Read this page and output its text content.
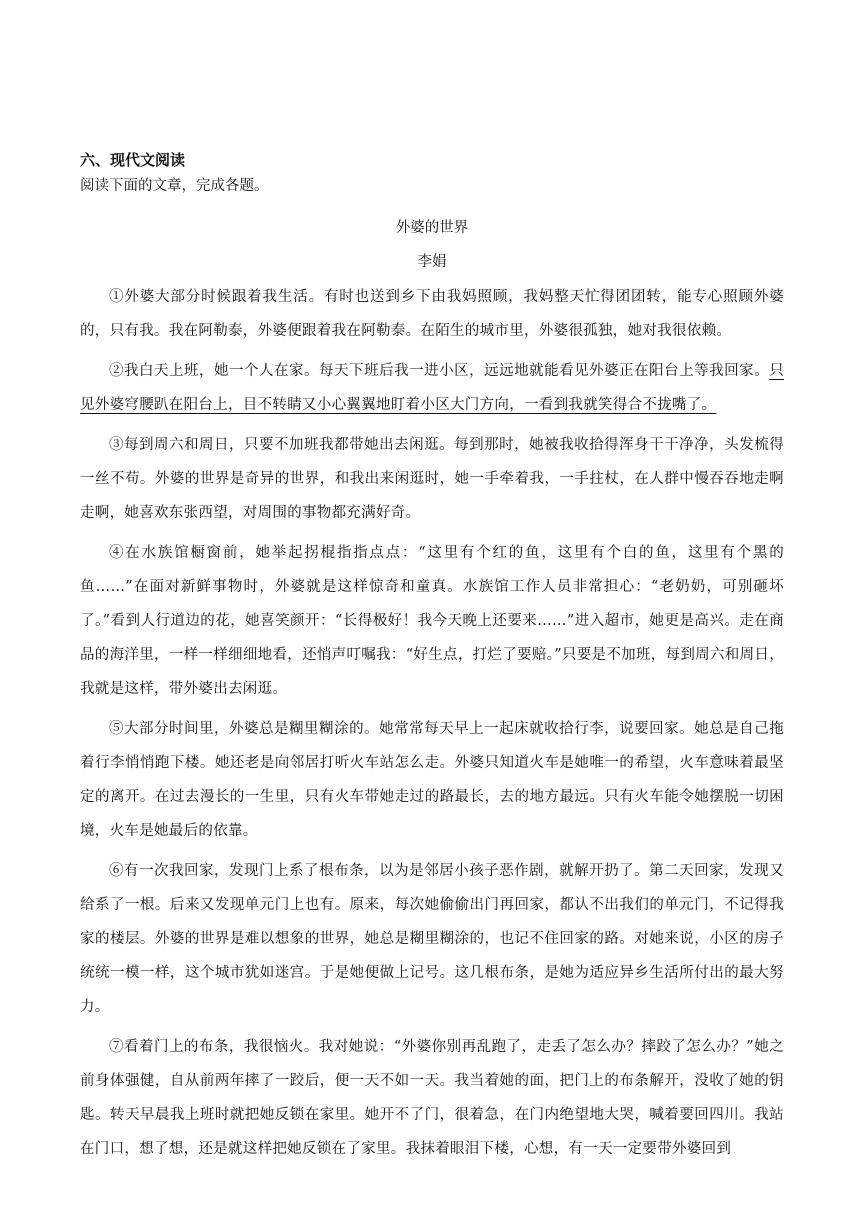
六、现代文阅读

阅读下面的文章，完成各题。

外婆的世界

李娟

①外婆大部分时候跟着我生活。有时也送到乡下由我妈照顾，我妈整天忙得团团转，能专心照顾外婆的，只有我。我在阿勒泰，外婆便跟着我在阿勒泰。在陌生的城市里，外婆很孤独，她对我很依赖。

②我白天上班，她一个人在家。每天下班后我一进小区，远远地就能看见外婆正在阳台上等我回家。只见外婆穹腰趴在阳台上，目不转睛又小心翼翼地盯着小区大门方向，一看到我就笑得合不拢嘴了。

③每到周六和周日，只要不加班我都带她出去闲逛。每到那时，她被我收拾得浑身干干净净，头发梳得一丝不苟。外婆的世界是奇异的世界，和我出来闲逛时，她一手牵着我，一手拄杖，在人群中慢吞吞地走啊走啊，她喜欢东张西望，对周围的事物都充满好奇。

④在水族馆橱窗前，她举起拐棍指指点点：“这里有个红的鱼，这里有个白的鱼，这里有个黑的鱼……”在面对新鲜事物时，外婆就是这样惊奇和童真。水族馆工作人员非常担心：“老奶奶，可别砸坏了。”看到人行道边的花，她喜笑颜开：“长得极好！我今天晚上还要来……”进入超市，她更是高兴。走在商品的海洋里，一样一样细细地看，还悄声叮嘱我：“好生点，打烂了要赔。”只要是不加班，每到周六和周日，我就是这样，带外婆出去闲逛。

⑤大部分时间里，外婆总是糊里糊涂的。她常常每天早上一起床就收拾行李，说要回家。她总是自己拖着行李悄悄跑下楼。她还老是向邻居打听火车站怎么走。外婆只知道火车是她唯一的希望，火车意味着最坚定的离开。在过去漫长的一生里，只有火车带她走过的路最长，去的地方最远。只有火车能令她摆脱一切困境，火车是她最后的依靠。

⑥有一次我回家，发现门上系了根布条，以为是邻居小孩子恶作剧，就解开扔了。第二天回家，发现又给系了一根。后来又发现单元门上也有。原来，每次她偷偷出门再回家，都认不出我们的单元门，不记得我家的楼层。外婆的世界是难以想象的世界，她总是糊里糊涂的，也记不住回家的路。对她来说，小区的房子统统一模一样，这个城市犹如迷宫。于是她便做上记号。这几根布条，是她为适应异乡生活所付出的最大努力。

⑦看着门上的布条，我很恼火。我对她说：“外婆你别再乱跑了，走丢了怎么办？摔跤了怎么办？”她之前身体强健，自从前两年摔了一跤后，便一天不如一天。我当着她的面，把门上的布条解开，没收了她的钥匙。转天早晨我上班时就把她反锁在家里。她开不了门，很着急，在门内绝望地大哭，喊着要回四川。我站在门口，想了想，还是就这样把她反锁在了家里。我抹着眼泪下楼，心想，有一天一定要带外婆回到
